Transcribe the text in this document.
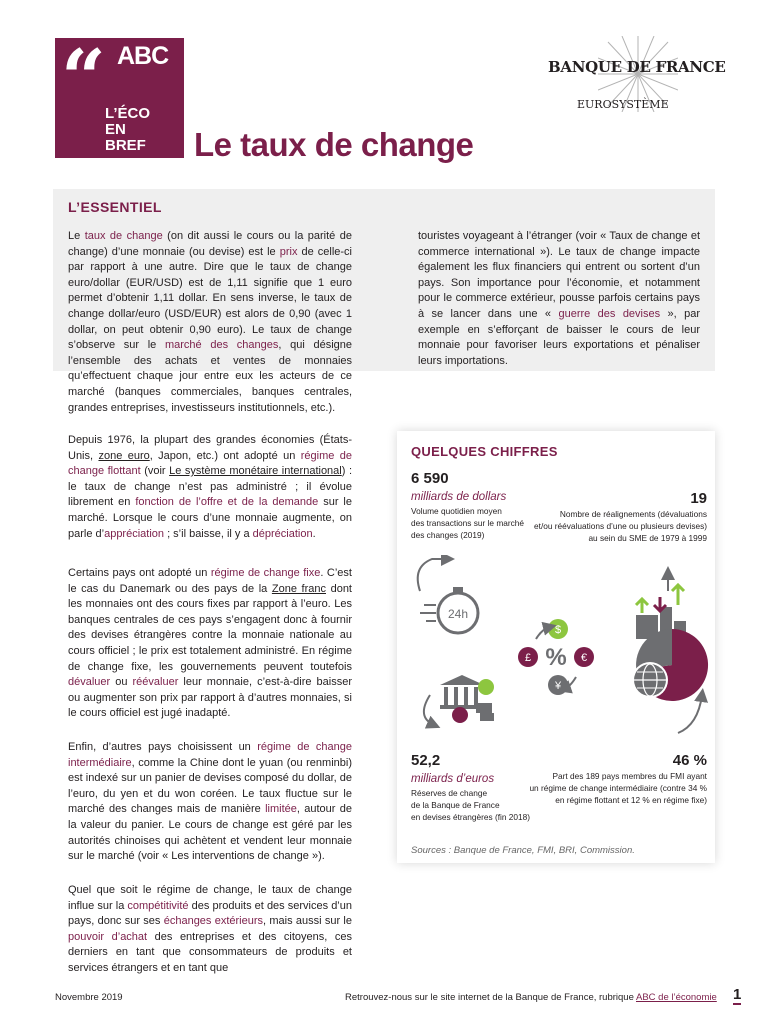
“ ABC
L’ÉCO
EN
BREF Le taux de change
BANQUE DE FRANCE
EUROSYSTÈME
L’ESSENTIEL
Le taux de change (on dit aussi le cours ou la parité de change) d’une monnaie (ou devise) est le prix de celle-ci par rapport à une autre. Dire que le taux de change euro/dollar (EUR/USD) est de 1,11 signifie que 1 euro permet d’obtenir 1,11 dollar. En sens inverse, le taux de change dollar/euro (USD/EUR) est alors de 0,90 (avec 1 dollar, on peut obtenir 0,90 euro). Le taux de change s’observe sur le marché des changes, qui désigne l’ensemble des achats et ventes de monnaies qu’effectuent chaque jour entre eux les acteurs de ce marché (banques commerciales, banques centrales, grandes entreprises, investisseurs institutionnels, etc.).
touristes voyageant à l’étranger (voir « Taux de change et commerce international »). Le taux de change impacte également les flux financiers qui entrent ou sortent d’un pays. Son importance pour l’économie, et notamment pour le commerce extérieur, pousse parfois certains pays à se lancer dans une « guerre des devises », par exemple en s’efforçant de baisser le cours de leur monnaie pour favoriser leurs exportations et pénaliser leurs importations.
Depuis 1976, la plupart des grandes économies (États-Unis, zone euro, Japon, etc.) ont adopté un régime de change flottant (voir Le système monétaire international) : le taux de change n’est pas administré ; il évolue librement en fonction de l’offre et de la demande sur le marché. Lorsque le cours d’une monnaie augmente, on parle d’appréciation ; s’il baisse, il y a dépréciation.
Certains pays ont adopté un régime de change fixe. C’est le cas du Danemark ou des pays de la Zone franc dont les monnaies ont des cours fixes par rapport à l’euro. Les banques centrales de ces pays s’engagent donc à fournir des devises étrangères contre la monnaie nationale au cours officiel ; le prix est totalement administré. En régime de change fixe, les gouvernements peuvent toutefois dévaluer ou réévaluer leur monnaie, c’est-à-dire baisser ou augmenter son prix par rapport à d’autres monnaies, si le cours officiel est jugé inadapté.
Enfin, d’autres pays choisissent un régime de change intermédiaire, comme la Chine dont le yuan (ou renminbi) est indexé sur un panier de devises composé du dollar, de l’euro, du yen et du won coréen. Le taux fluctue sur le marché des changes mais de manière limitée, autour de la valeur du panier. Le cours de change est géré par les autorités chinoises qui achètent et vendent leur monnaie sur le marché (voir « Les interventions de change »).
Quel que soit le régime de change, le taux de change influe sur la compétitivité des produits et des services d’un pays, donc sur ses échanges extérieurs, mais aussi sur le pouvoir d’achat des entreprises et des citoyens, ces derniers en tant que consommateurs de produits et services étrangers et en tant que
QUELQUES CHIFFRES
6 590
milliards de dollars
Volume quotidien moyen
des transactions sur le marché
des changes (2019)
19
Nombre de réalignements (dévaluations
et/ou réévaluations d’une ou plusieurs devises)
au sein du SME de 1979 à 1999
24h
$
£	€
¥
%
52,2
milliards d’euros
Réserves de change
de la Banque de France
en devises étrangères (fin 2018)
46 %
Part des 189 pays membres du FMI ayant
un régime de change intermédiaire (contre 34 %
en régime flottant et 12 % en régime fixe)
Sources : Banque de France, FMI, BRI, Commission.
Novembre 2019	Retrouvez-nous sur le site internet de la Banque de France, rubrique ABC de l’économie 1
